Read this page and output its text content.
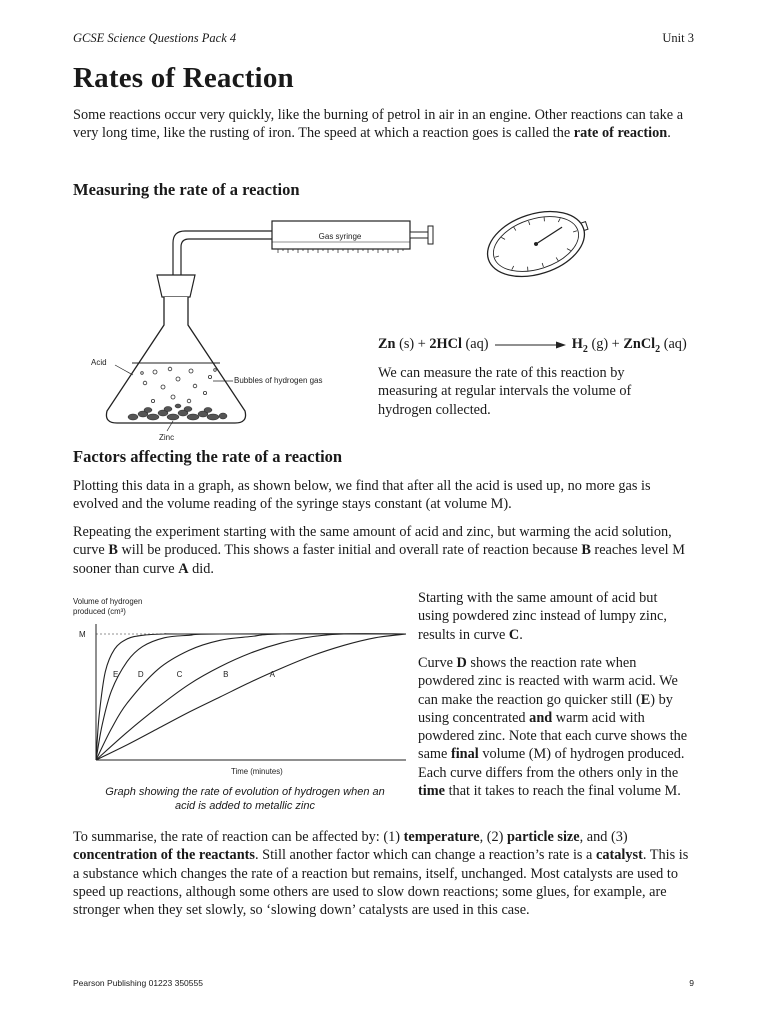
GCSE Science Questions Pack 4	Unit 3
Rates of Reaction

Some reactions occur very quickly, like the burning of petrol in air in an engine. Other reactions can take a very long time, like the rusting of iron. The speed at which a reaction goes is called the rate of reaction.

Measuring the rate of a reaction
Gas syringe
Acid
Bubbles of hydrogen gas
Zinc
Zn (s) + 2HCl (aq)	$H_2$ (g) + ZnCl$_2$ (aq)

We can measure the rate of this reaction by measuring at regular intervals the volume of hydrogen collected.

Factors affecting the rate of a reaction

Plotting this data in a graph, as shown below, we find that after all the acid is used up, no more gas is evolved and the volume reading of the syringe stays constant (at volume M).

Repeating the experiment starting with the same amount of acid and zinc, but warming the acid solution, curve B will be produced. This shows a faster initial and overall rate of reaction because B reaches level M sooner than curve A did.

Volume of hydrogen
produced (cm³)
M
Time (minutes)
E D	C	B	A
Graph showing the rate of evolution of hydrogen when an acid is added to metallic zinc

Starting with the same amount of acid but using powdered zinc instead of lumpy zinc, results in curve C.

Curve D shows the reaction rate when powdered zinc is reacted with warm acid. We can make the reaction go quicker still (E) by using concentrated and warm acid with powdered zinc. Note that each curve shows the same final volume (M) of hydrogen produced. Each curve differs from the others only in the time that it takes to reach the final volume M.

To summarise, the rate of reaction can be affected by: (1) temperature, (2) particle size, and (3) concentration of the reactants. Still another factor which can change a reaction’s rate is a catalyst. This is a substance which changes the rate of a reaction but remains, itself, unchanged. Most catalysts are used to speed up reactions, although some others are used to slow down reactions; some glues, for example, are stronger when they set slowly, so ‘slowing down’ catalysts are used in this case.

Pearson Publishing 01223 350555	9
